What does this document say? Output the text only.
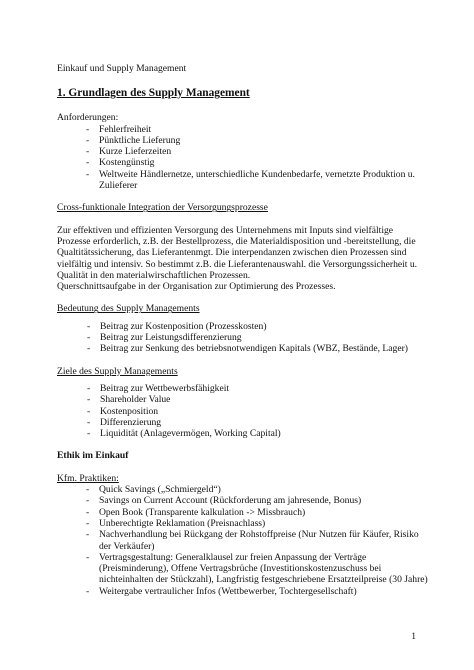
Einkauf und Supply Management
1. Grundlagen des Supply Management

Anforderungen:

- Fehlerfreiheit
- Pünktliche Lieferung
- Kurze Lieferzeiten
- Kostengünstig
- Weltweite Händlernetze, unterschiedliche Kundenbedarfe, vernetzte Produktion u. Zulieferer

Cross-funktionale Integration der Versorgungsprozesse

Zur effektiven und effizienten Versorgung des Unternehmens mit Inputs sind vielfältige Prozesse erforderlich, z.B. der Bestellprozess, die Materialdisposition und -bereitstellung, die Qualtitätssicherung, das Lieferantenmgt. Die interpendanzen zwischen dien Prozessen sind vielfältig und intensiv. So bestimmt z.B. die Lieferantenauswahl. die Versorgungssicherheit u. Qualität in den materialwirschaftlichen Prozessen.

Querschnittsaufgabe in der Organisation zur Optimierung des Prozesses.

Bedeutung des Supply Managements

- Beitrag zur Kostenposition (Prozesskosten)
- Beitrag zur Leistungsdifferenzierung
- Beitrag zur Senkung des betriebsnotwendigen Kapitals (WBZ, Bestände, Lager)

Ziele des Supply Managements

- Beitrag zur Wettbewerbsfähigkeit
- Shareholder Value
- Kostenposition
- Differenzierung
- Liquidität (Anlagevermögen, Working Capital)

Ethik im Einkauf

Kfm. Praktiken:

- Quick Savings („Schmiergeld“)
- Savings on Current Account (Rückforderung am jahresende, Bonus)
- Open Book (Transparente kalkulation -> Missbrauch)
- Unberechtigte Reklamation (Preisnachlass)
- Nachverhandlung bei Rückgang der Rohstoffpreise (Nur Nutzen für Käufer, Risiko der Verkäufer)
- Vertragsgestaltung: Generalklausel zur freien Anpassung der Verträge (Preisminderung), Offene Vertragsbrüche (Investitionskostenzuschuss bei nichteinhalten der Stückzahl), Langfristig festgeschriebene Ersatzteilpreise (30 Jahre)
- Weitergabe vertraulicher Infos (Wettbewerber, Tochtergesellschaft)
1
